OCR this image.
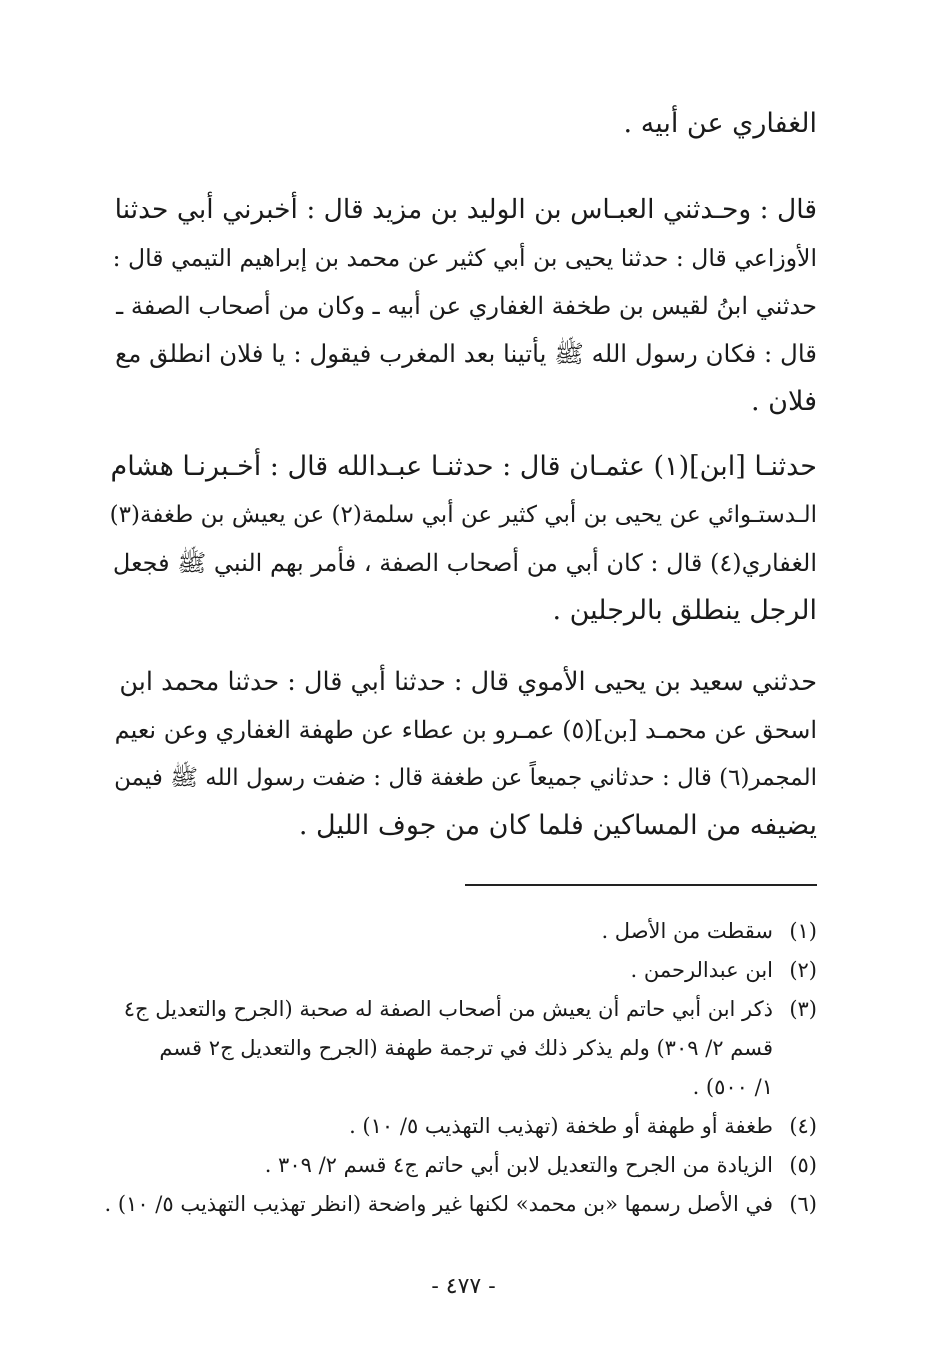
الغفاري عن أبيه .
قال : وحـدثني العبـاس بن الوليد بن مزيد قال : أخبرني أبي حدثنا
الأوزاعي قال : حدثنا يحيى بن أبي كثير عن محمد بن إبراهيم التيمي قال :
حدثني ابنُ لقيس بن طخفة الغفاري عن أبيه ـ وكان من أصحاب الصفة ـ
قال : فكان رسول الله ﷺ يأتينا بعد المغرب فيقول : يا فلان انطلق مع
فلان .
حدثنـا [ابن](١) عثمـان قال : حدثنـا عبـدالله قال : أخـبرنـا هشام
الـدستـوائي عن يحيى بن أبي كثير عن أبي سلمة(٢) عن يعيش بن طغفة(٣)
الغفاري(٤) قال : كان أبي من أصحاب الصفة ، فأمر بهم النبي ﷺ فجعل
الرجل ينطلق بالرجلين .
حدثني سعيد بن يحيى الأموي قال : حدثنا أبي قال : حدثنا محمد ابن
اسحق عن محمـد [بن](٥) عمـرو بن عطاء عن طهفة الغفاري وعن نعيم
المجمر(٦) قال : حدثاني جميعاً عن طغفة قال : ضفت رسول الله ﷺ فيمن
يضيفه من المساكين فلما كان من جوف الليل .
(١)
سقطت من الأصل .
(٢)
ابن عبدالرحمن .
(٣)
ذكر ابن أبي حاتم أن يعيش من أصحاب الصفة له صحبة (الجرح والتعديل ج٤
قسم ٢/ ٣٠٩) ولم يذكر ذلك في ترجمة طهفة (الجرح والتعديل ج٢ قسم
١/ ٥٠٠) .
(٤)
طغفة أو طهفة أو طخفة (تهذيب التهذيب ٥/ ١٠) .
(٥)
الزيادة من الجرح والتعديل لابن أبي حاتم ج٤ قسم ٢/ ٣٠٩ .
(٦)
في الأصل رسمها «بن محمد» لكنها غير واضحة (انظر تهذيب التهذيب ٥/ ١٠) .
- ٤٧٧ -
